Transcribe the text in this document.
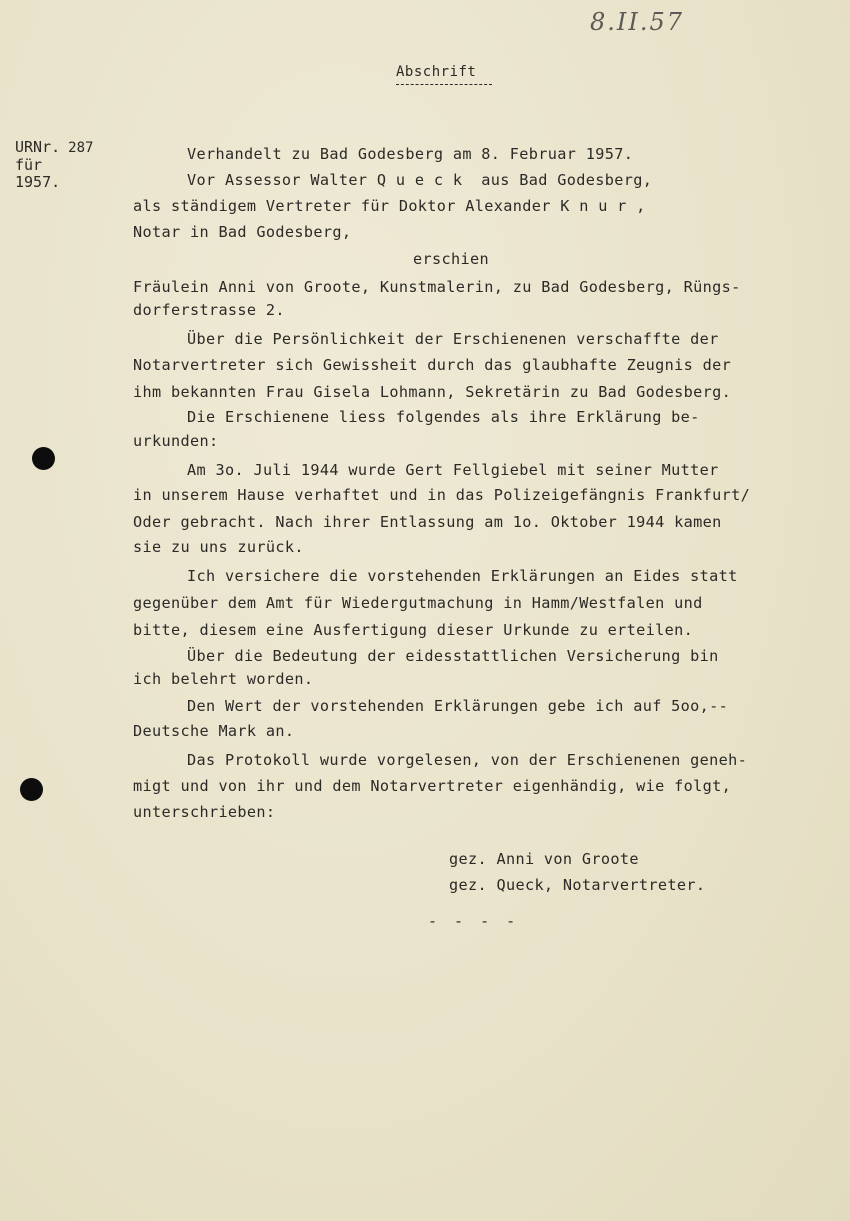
8.II.57
Abschrift
URNr. 287
für
1957.
Verhandelt zu Bad Godesberg am 8. Februar 1957.
Vor Assessor Walter Q u e c k  aus Bad Godesberg,
als ständigem Vertreter für Doktor Alexander K n u r ,
Notar in Bad Godesberg,
erschien
Fräulein Anni von Groote, Kunstmalerin, zu Bad Godesberg, Rüngs-
dorferstrasse 2.
Über die Persönlichkeit der Erschienenen verschaffte der
Notarvertreter sich Gewissheit durch das glaubhafte Zeugnis der
ihm bekannten Frau Gisela Lohmann, Sekretärin zu Bad Godesberg.
Die Erschienene liess folgendes als ihre Erklärung be-
urkunden:
Am 3o. Juli 1944 wurde Gert Fellgiebel mit seiner Mutter
in unserem Hause verhaftet und in das Polizeigefängnis Frankfurt/
Oder gebracht. Nach ihrer Entlassung am 1o. Oktober 1944 kamen
sie zu uns zurück.
Ich versichere die vorstehenden Erklärungen an Eides statt
gegenüber dem Amt für Wiedergutmachung in Hamm/Westfalen und
bitte, diesem eine Ausfertigung dieser Urkunde zu erteilen.
Über die Bedeutung der eidesstattlichen Versicherung bin
ich belehrt worden.
Den Wert der vorstehenden Erklärungen gebe ich auf 5oo,--
Deutsche Mark an.
Das Protokoll wurde vorgelesen, von der Erschienenen geneh-
migt und von ihr und dem Notarvertreter eigenhändig, wie folgt,
unterschrieben:
gez. Anni von Groote
gez. Queck, Notarvertreter.
- - - -
